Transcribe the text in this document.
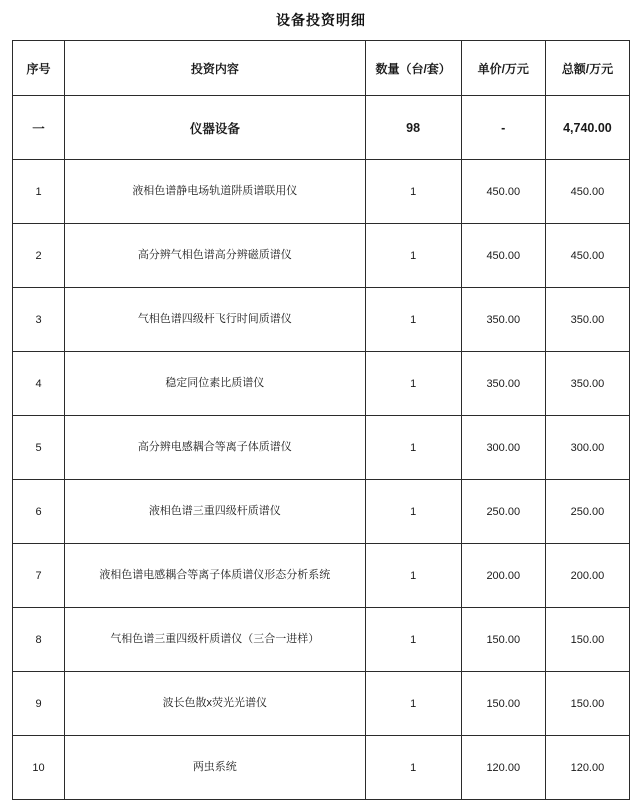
设备投资明细
序号	投资内容	数量（台/套）	单价/万元	总额/万元
一	仪器设备	98	-	4,740.00
1	液相色谱静电场轨道阱质谱联用仪	1	450.00	450.00
2	高分辨气相色谱高分辨磁质谱仪	1	450.00	450.00
3	气相色谱四级杆飞行时间质谱仪	1	350.00	350.00
4	稳定同位素比质谱仪	1	350.00	350.00
5	高分辨电感耦合等离子体质谱仪	1	300.00	300.00
6	液相色谱三重四级杆质谱仪	1	250.00	250.00
7	液相色谱电感耦合等离子体质谱仪形态分析系统	1	200.00	200.00
8	气相色谱三重四级杆质谱仪（三合一进样）	1	150.00	150.00
9	波长色散x荧光光谱仪	1	150.00	150.00
10	两虫系统	1	120.00	120.00
